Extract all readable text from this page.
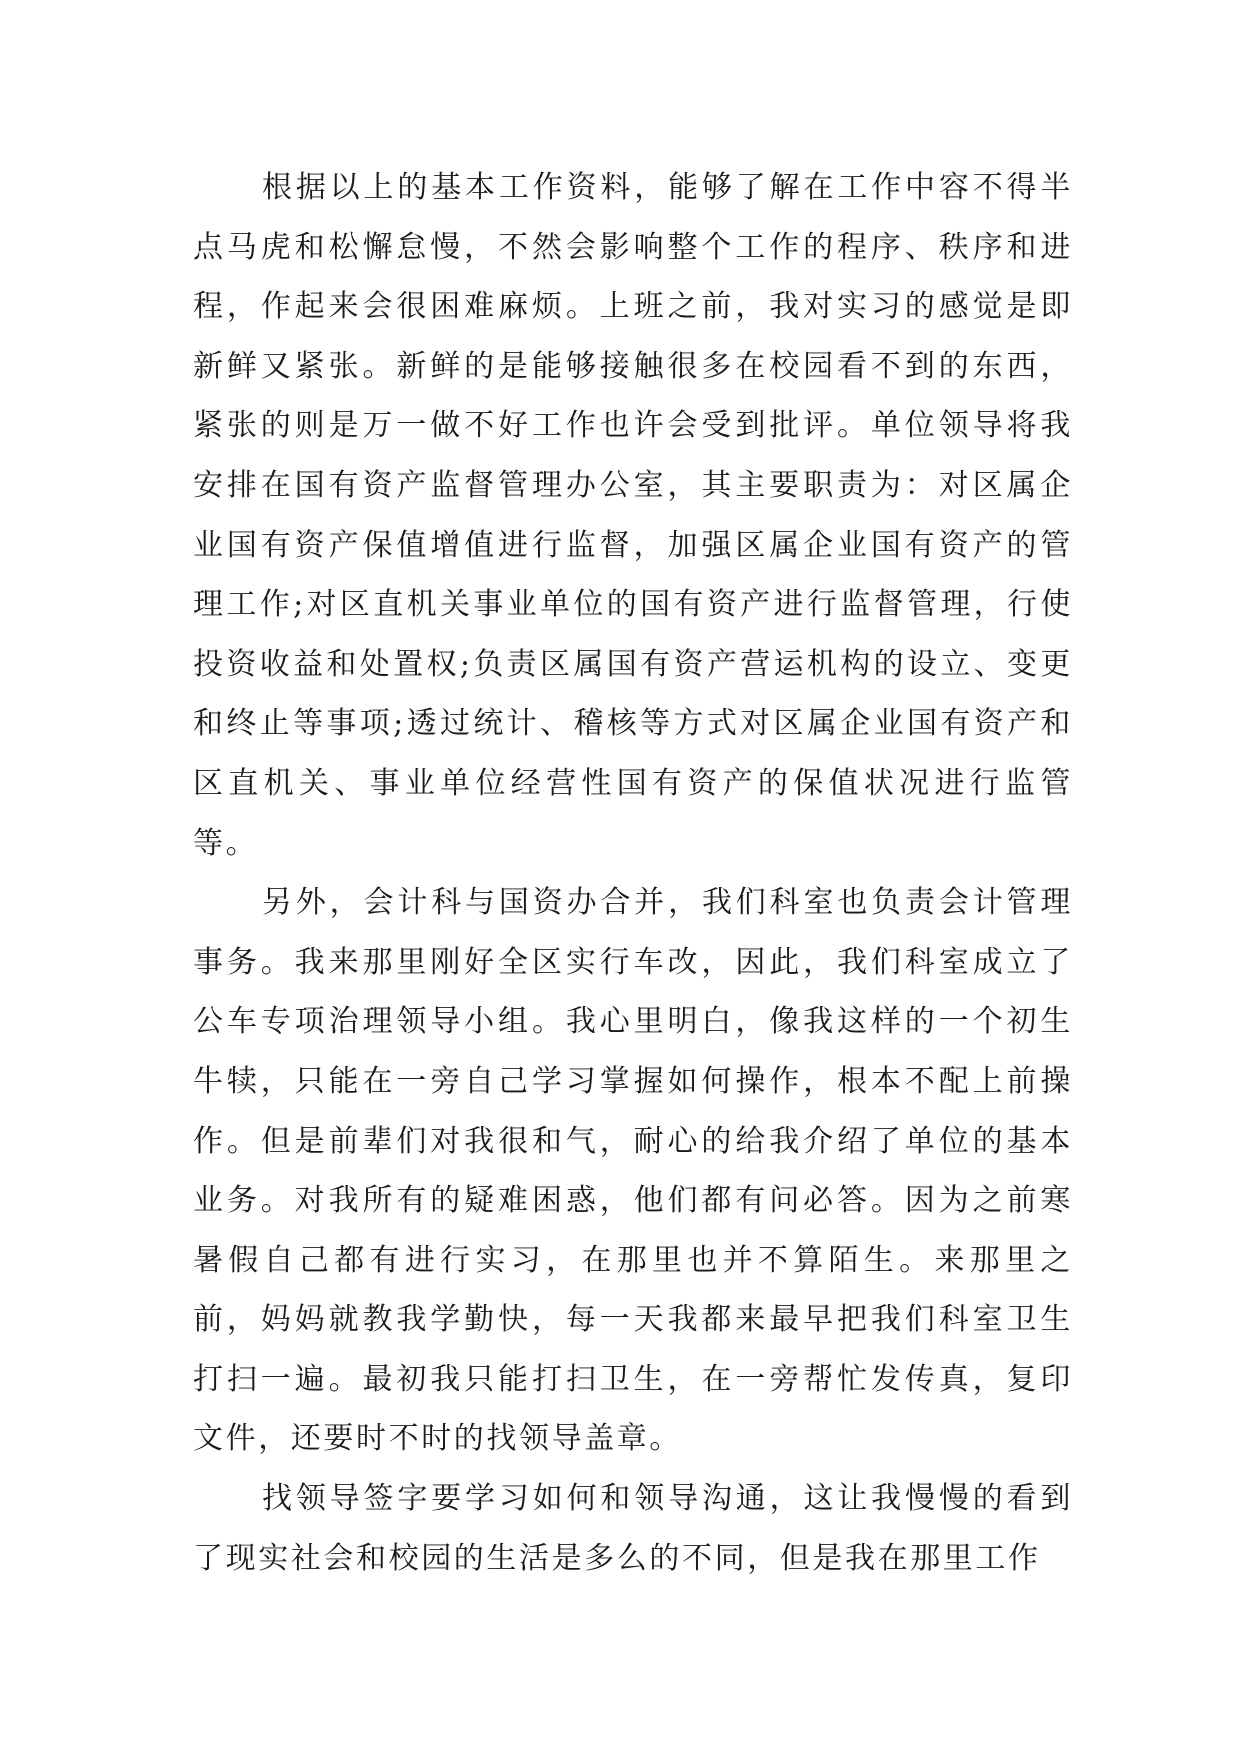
根据以上的基本工作资料，能够了解在工作中容不得半点马虎和松懈怠慢，不然会影响整个工作的程序、秩序和进程，作起来会很困难麻烦。上班之前，我对实习的感觉是即新鲜又紧张。新鲜的是能够接触很多在校园看不到的东西，紧张的则是万一做不好工作也许会受到批评。单位领导将我安排在国有资产监督管理办公室，其主要职责为：对区属企业国有资产保值增值进行监督，加强区属企业国有资产的管理工作;对区直机关事业单位的国有资产进行监督管理，行使投资收益和处置权;负责区属国有资产营运机构的设立、变更和终止等事项;透过统计、稽核等方式对区属企业国有资产和区直机关、事业单位经营性国有资产的保值状况进行监管等。

另外，会计科与国资办合并，我们科室也负责会计管理事务。我来那里刚好全区实行车改，因此，我们科室成立了公车专项治理领导小组。我心里明白，像我这样的一个初生牛犊，只能在一旁自己学习掌握如何操作，根本不配上前操作。但是前辈们对我很和气，耐心的给我介绍了单位的基本业务。对我所有的疑难困惑，他们都有问必答。因为之前寒暑假自己都有进行实习，在那里也并不算陌生。来那里之前，妈妈就教我学勤快，每一天我都来最早把我们科室卫生打扫一遍。最初我只能打扫卫生，在一旁帮忙发传真，复印文件，还要时不时的找领导盖章。

找领导签字要学习如何和领导沟通，这让我慢慢的看到了现实社会和校园的生活是多么的不同，但是我在那里工作
